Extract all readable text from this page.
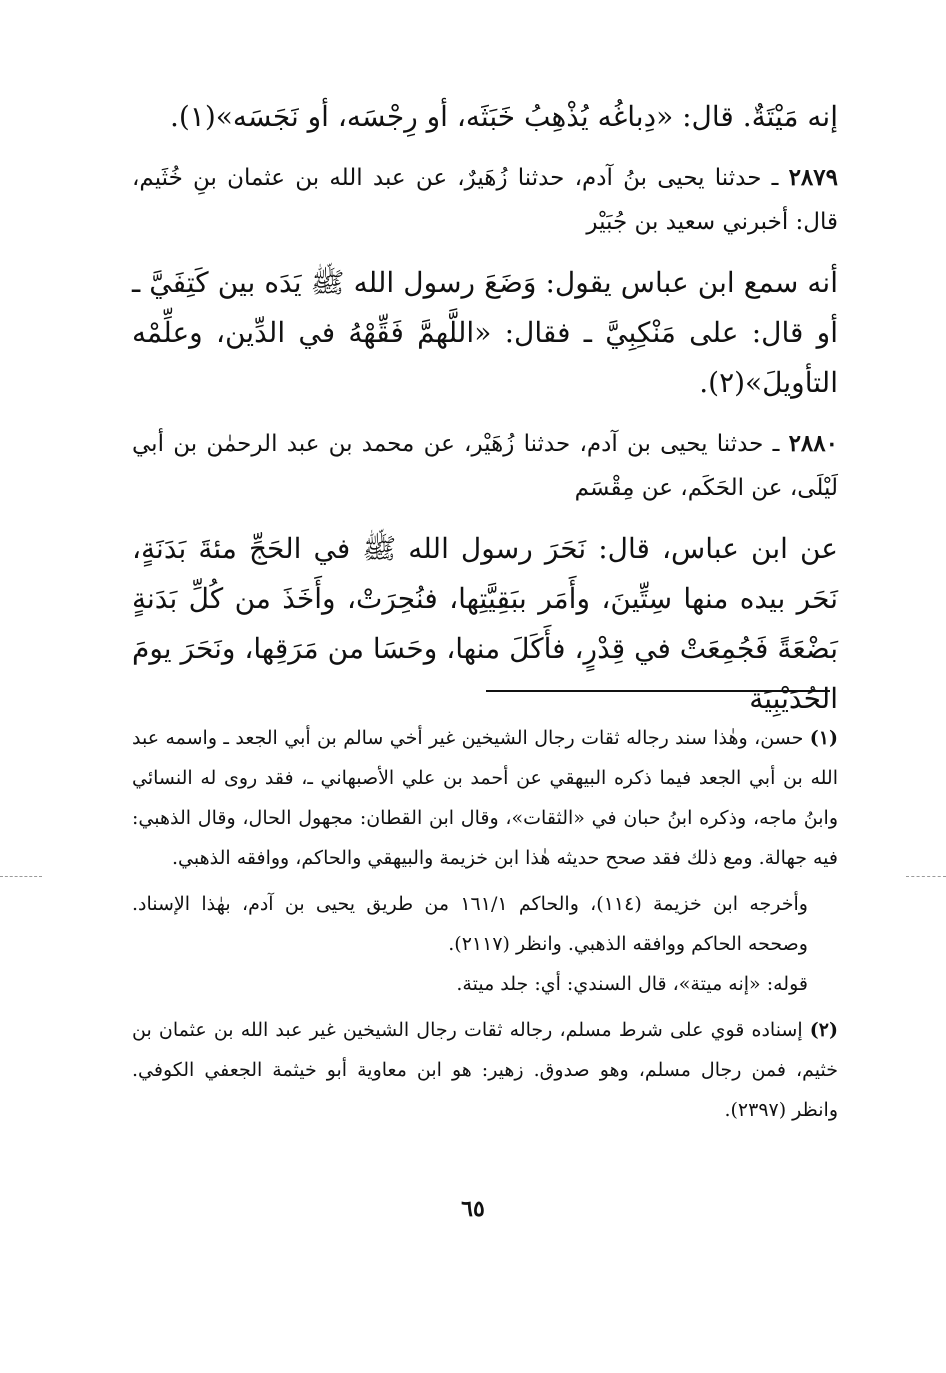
إنه مَيْتَةٌ. قال: «دِباغُه يُذْهِبُ خَبَثَه، أو رِجْسَه، أو نَجَسَه»(١).

٢٨٧٩ ـ حدثنا يحيى بنُ آدم، حدثنا زُهَيرٌ، عن عبد الله بن عثمان بنِ خُثَيم، قال: أخبرني سعيد بن جُبَيْر

أنه سمع ابن عباس يقول: وَضَعَ رسول الله ﷺ يَدَه بين كَتِفَيَّ ـ أو قال: على مَنْكِبِيَّ ـ فقال: «اللَّهمَّ فَقِّهْهُ في الدِّين، وعلِّمْه التأويلَ»(٢).

٢٨٨٠ ـ حدثنا يحيى بن آدم، حدثنا زُهَيْر، عن محمد بن عبد الرحمٰن بن أبي لَيْلَى، عن الحَكَم، عن مِقْسَم

عن ابن عباس، قال: نَحَرَ رسول الله ﷺ في الحَجِّ مئةَ بَدَنَةٍ، نَحَر بيده منها سِتِّينَ، وأَمَر ببَقِيَّتِها، فنُحِرَتْ، وأَخَذَ من كُلِّ بَدَنةٍ بَضْعَةً فَجُمِعَتْ في قِدْرٍ، فأَكَلَ منها، وحَسَا من مَرَقِها، ونَحَرَ يومَ الحُدَيْبِيَة

(١) حسن، وهٰذا سند رجاله ثقات رجال الشيخين غير أخي سالم بن أبي الجعد ـ واسمه عبد الله بن أبي الجعد فيما ذكره البيهقي عن أحمد بن علي الأصبهاني ـ، فقد روى له النسائي وابنُ ماجه، وذكره ابنُ حبان في «الثقات»، وقال ابن القطان: مجهول الحال، وقال الذهبي: فيه جهالة. ومع ذلك فقد صحح حديثه هٰذا ابن خزيمة والبيهقي والحاكم، ووافقه الذهبي.

وأخرجه ابن خزيمة (١١٤)، والحاكم ١٦١/١ من طريق يحيى بن آدم، بهٰذا الإسناد. وصححه الحاكم ووافقه الذهبي. وانظر (٢١١٧).

قوله: «إنه ميتة»، قال السندي: أي: جلد ميتة.

(٢) إسناده قوي على شرط مسلم، رجاله ثقات رجال الشيخين غير عبد الله بن عثمان بن خثيم، فمن رجال مسلم، وهو صدوق. زهير: هو ابن معاوية أبو خيثمة الجعفي الكوفي. وانظر (٢٣٩٧).

٦٥
